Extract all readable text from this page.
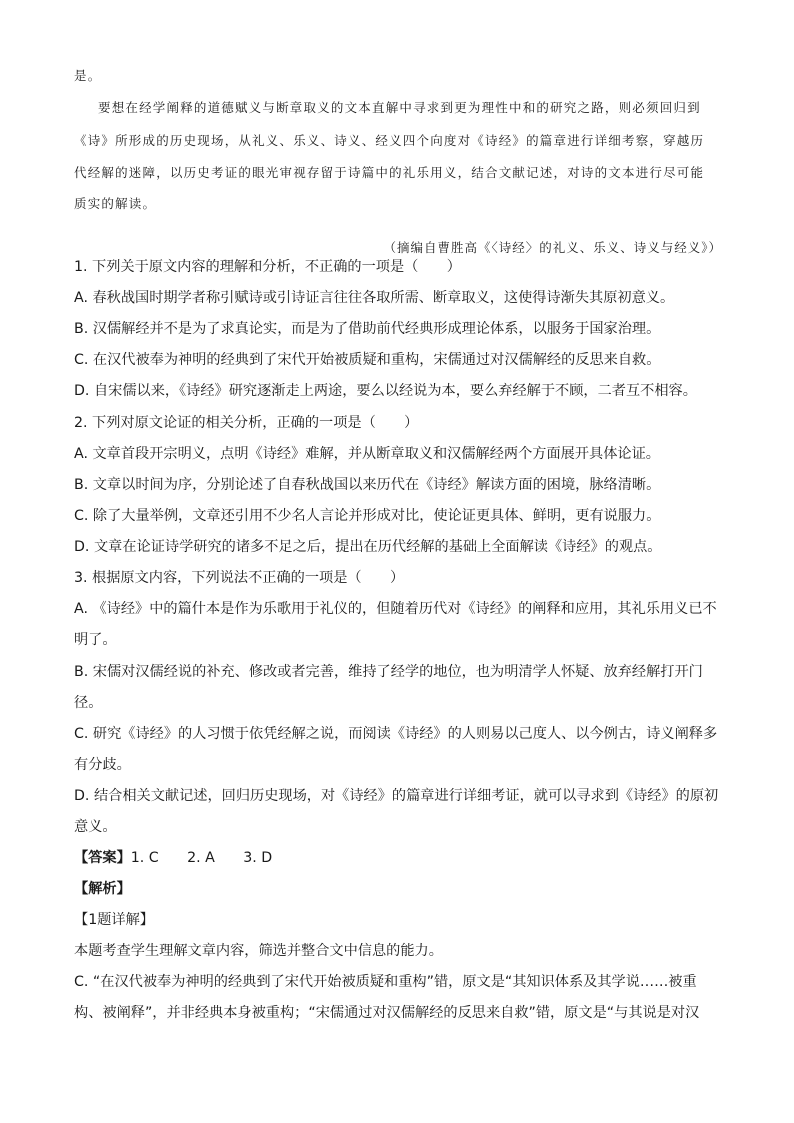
是。

要想在经学阐释的道德赋义与断章取义的文本直解中寻求到更为理性中和的研究之路，则必须回归到

《诗》所形成的历史现场，从礼义、乐义、诗义、经义四个向度对《诗经》的篇章进行详细考察，穿越历

代经解的迷障，以历史考证的眼光审视存留于诗篇中的礼乐用义，结合文献记述，对诗的文本进行尽可能

质实的解读。

（摘编自曹胜高《〈诗经〉的礼义、乐义、诗义与经义》）

1. 下列关于原文内容的理解和分析，不正确的一项是（　　）

A. 春秋战国时期学者称引赋诗或引诗证言往往各取所需、断章取义，这使得诗渐失其原初意义。

B. 汉儒解经并不是为了求真论实，而是为了借助前代经典形成理论体系，以服务于国家治理。

C. 在汉代被奉为神明的经典到了宋代开始被质疑和重构，宋儒通过对汉儒解经的反思来自救。

D. 自宋儒以来，《诗经》研究逐渐走上两途，要么以经说为本，要么弃经解于不顾，二者互不相容。

2. 下列对原文论证的相关分析，正确的一项是（　　）

A. 文章首段开宗明义，点明《诗经》难解，并从断章取义和汉儒解经两个方面展开具体论证。

B. 文章以时间为序，分别论述了自春秋战国以来历代在《诗经》解读方面的困境，脉络清晰。

C. 除了大量举例，文章还引用不少名人言论并形成对比，使论证更具体、鲜明，更有说服力。

D. 文章在论证诗学研究的诸多不足之后，提出在历代经解的基础上全面解读《诗经》的观点。

3. 根据原文内容，下列说法不正确的一项是（　　）

A. 《诗经》中的篇什本是作为乐歌用于礼仪的，但随着历代对《诗经》的阐释和应用，其礼乐用义已不

明了。

B. 宋儒对汉儒经说的补充、修改或者完善，维持了经学的地位，也为明清学人怀疑、放弃经解打开门

径。

C. 研究《诗经》的人习惯于依凭经解之说，而阅读《诗经》的人则易以己度人、以今例古，诗义阐释多

有分歧。

D. 结合相关文献记述，回归历史现场，对《诗经》的篇章进行详细考证，就可以寻求到《诗经》的原初

意义。

【答案】1. C　　2. A　　3. D

【解析】

【1题详解】

本题考查学生理解文章内容，筛选并整合文中信息的能力。

C. “在汉代被奉为神明的经典到了宋代开始被质疑和重构”错，原文是“其知识体系及其学说……被重

构、被阐释”，并非经典本身被重构；“宋儒通过对汉儒解经的反思来自救”错，原文是“与其说是对汉
